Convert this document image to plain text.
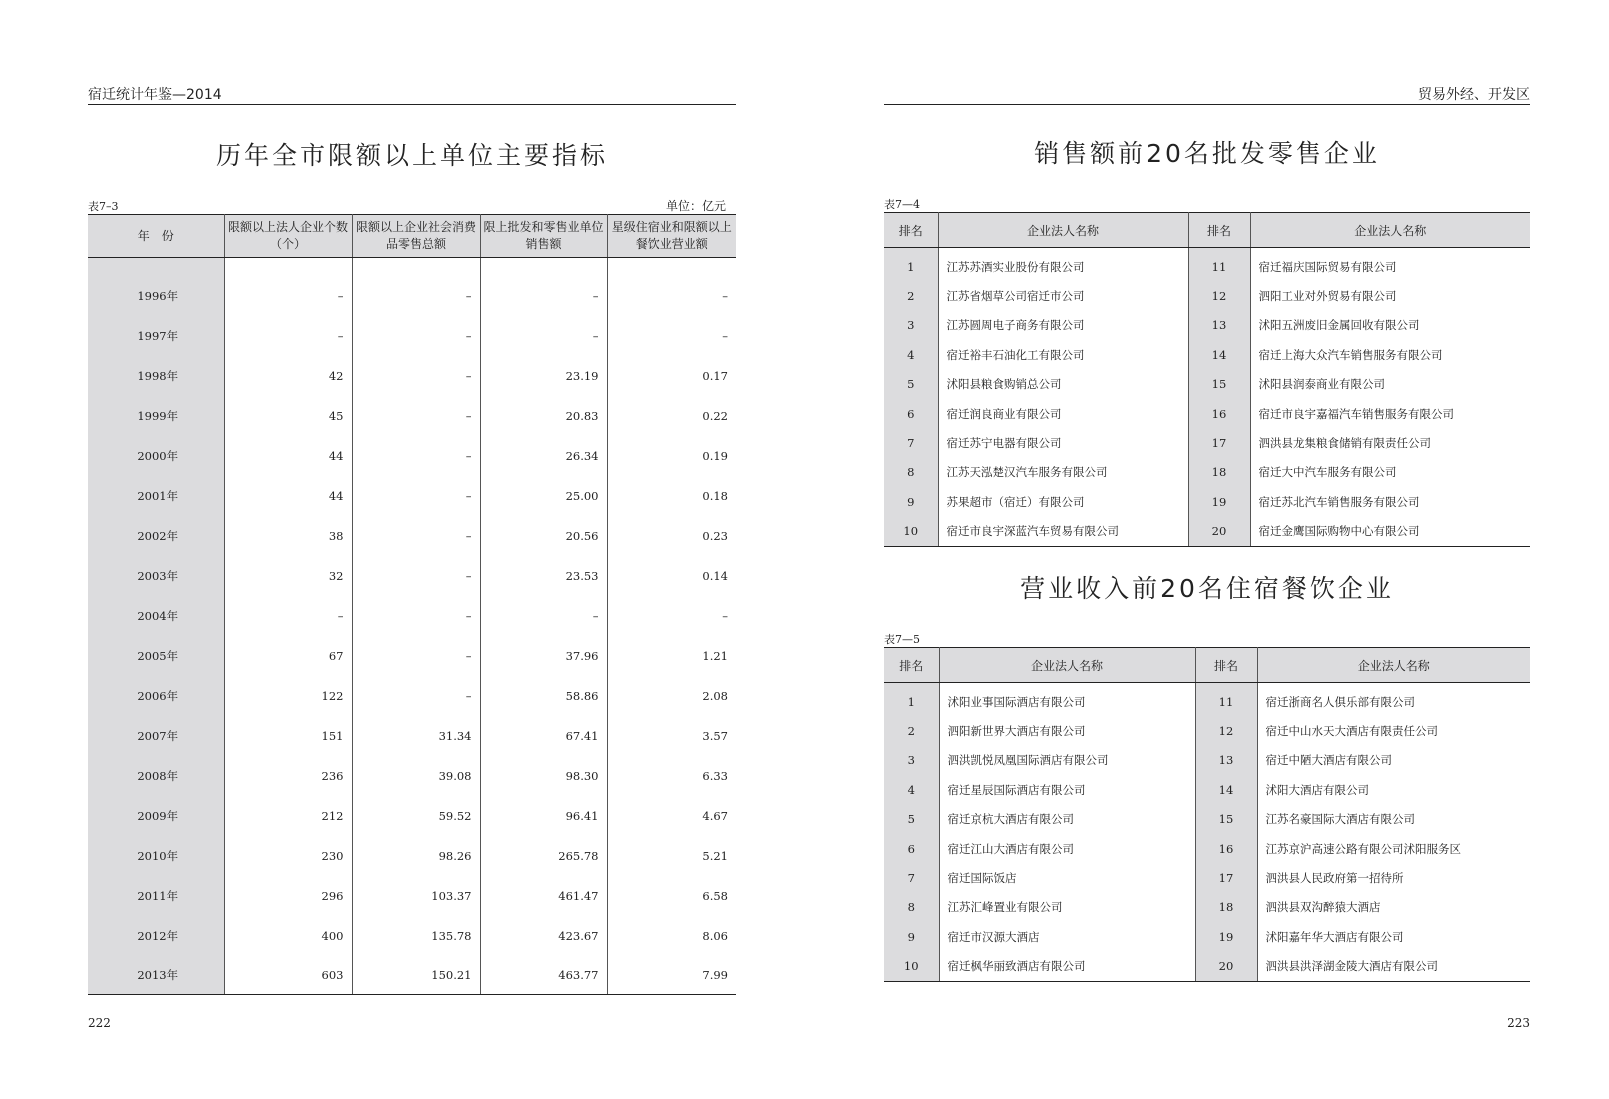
宿迁统计年鉴—2014
历年全市限额以上单位主要指标
表7–3	单位：亿元
年　份	限额以上法人企业个数（个）	限额以上企业社会消费品零售总额	限上批发和零售业单位销售额	星级住宿业和限额以上餐饮业营业额

1996年	–	–	–	–
1997年	–	–	–	–
1998年	42	–	23.19	0.17
1999年	45	–	20.83	0.22
2000年	44	–	26.34	0.19
2001年	44	–	25.00	0.18
2002年	38	–	20.56	0.23
2003年	32	–	23.53	0.14
2004年	–	–	–	–
2005年	67	–	37.96	1.21
2006年	122	–	58.86	2.08
2007年	151	31.34	67.41	3.57
2008年	236	39.08	98.30	6.33
2009年	212	59.52	96.41	4.67
2010年	230	98.26	265.78	5.21
2011年	296	103.37	461.47	6.58
2012年	400	135.78	423.67	8.06
2013年	603	150.21	463.77	7.99
222
贸易外经、开发区
销售额前20名批发零售企业
表7—4
排名	企业法人名称	排名	企业法人名称
1	江苏苏酒实业股份有限公司	11	宿迁福庆国际贸易有限公司
2	江苏省烟草公司宿迁市公司	12	泗阳工业对外贸易有限公司
3	江苏圆周电子商务有限公司	13	沭阳五洲废旧金属回收有限公司
4	宿迁裕丰石油化工有限公司	14	宿迁上海大众汽车销售服务有限公司
5	沭阳县粮食购销总公司	15	沭阳县润泰商业有限公司
6	宿迁润良商业有限公司	16	宿迁市良宇嘉福汽车销售服务有限公司
7	宿迁苏宁电器有限公司	17	泗洪县龙集粮食储销有限责任公司
8	江苏天泓楚汉汽车服务有限公司	18	宿迁大中汽车服务有限公司
9	苏果超市（宿迁）有限公司	19	宿迁苏北汽车销售服务有限公司
10	宿迁市良宇深蓝汽车贸易有限公司	20	宿迁金鹰国际购物中心有限公司
营业收入前20名住宿餐饮企业
表7—5
排名	企业法人名称	排名	企业法人名称
1	沭阳业事国际酒店有限公司	11	宿迁浙商名人俱乐部有限公司
2	泗阳新世界大酒店有限公司	12	宿迁中山水天大酒店有限责任公司
3	泗洪凯悦凤凰国际酒店有限公司	13	宿迁中陋大酒店有限公司
4	宿迁星辰国际酒店有限公司	14	沭阳大酒店有限公司
5	宿迁京杭大酒店有限公司	15	江苏名豪国际大酒店有限公司
6	宿迁江山大酒店有限公司	16	江苏京沪高速公路有限公司沭阳服务区
7	宿迁国际饭店	17	泗洪县人民政府第一招待所
8	江苏汇峰置业有限公司	18	泗洪县双沟醉猿大酒店
9	宿迁市汉源大酒店	19	沭阳嘉年华大酒店有限公司
10	宿迁枫华丽致酒店有限公司	20	泗洪县洪泽湖金陵大酒店有限公司
223
